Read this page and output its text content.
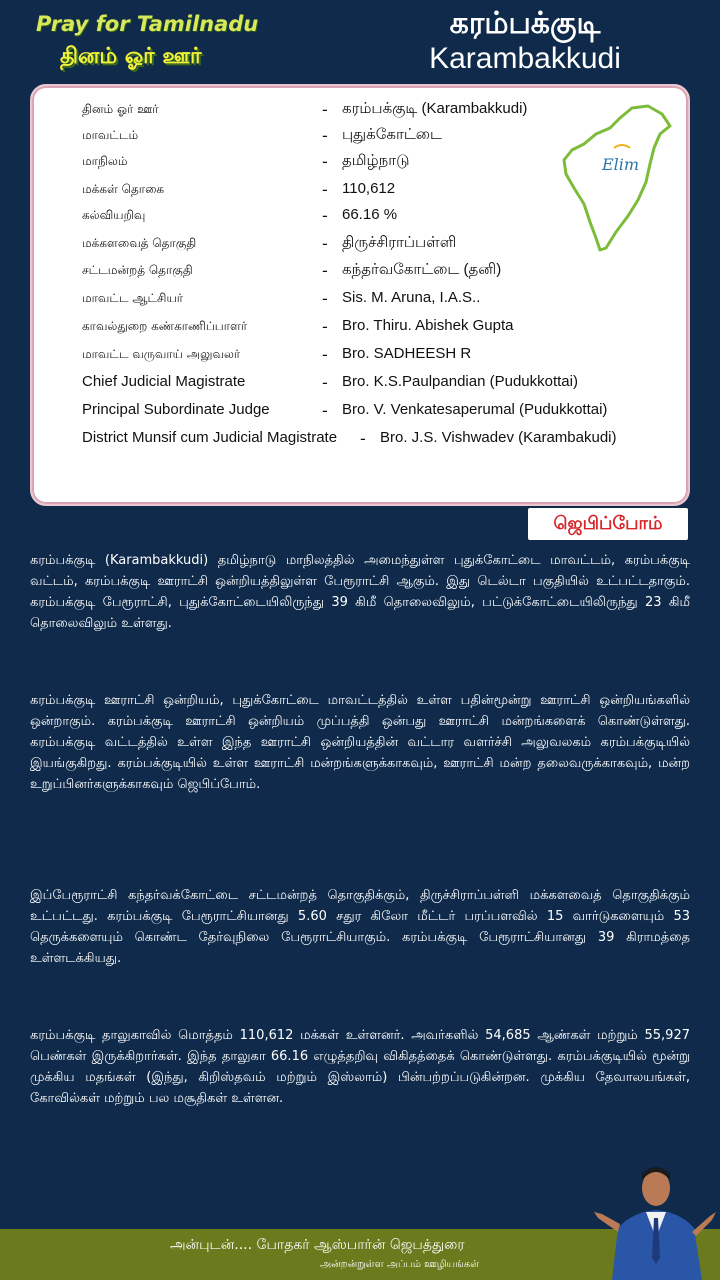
Pray for Tamilnadu
தினம் ஓர் ஊர்
கரம்பக்குடி
Karambakkudi
தினம் ஓர் ஊர்	- கரம்பக்குடி (Karambakkudi)
மாவட்டம்	- புதுக்கோட்டை
மாநிலம்	- தமிழ்நாடு
மக்கள் தொகை	- 110,612
கல்வியறிவு	- 66.16 %
மக்களவைத் தொகுதி	- திருச்சிராப்பள்ளி
சட்டமன்றத் தொகுதி	- கந்தர்வகோட்டை (தனி)
மாவட்ட ஆட்சியர்	- Sis. M. Aruna, I.A.S..
காவல்துறை கண்காணிப்பாளர்	- Bro. Thiru. Abishek Gupta
மாவட்ட வருவாய் அலுவலர்	- Bro. SADHEESH R
Chief Judicial Magistrate	- Bro. K.S.Paulpandian (Pudukkottai)
Principal Subordinate Judge	- Bro. V. Venkatesaperumal (Pudukkottai)
District Munsif cum Judicial Magistrate - Bro. J.S. Vishwadev (Karambakudi)
Elim
ஜெபிப்போம்

கரம்பக்குடி (Karambakkudi) தமிழ்நாடு மாநிலத்தில் அமைந்துள்ள புதுக்கோட்டை மாவட்டம், கரம்பக்குடி வட்டம், கரம்பக்குடி ஊராட்சி ஒன்றியத்திலுள்ள பேரூராட்சி ஆகும். இது டெல்டா பகுதியில் உட்பட்டதாகும். கரம்பக்குடி பேரூராட்சி, புதுக்கோட்டையிலிருந்து 39 கிமீ தொலைவிலும், பட்டுக்கோட்டையிலிருந்து 23 கிமீ தொலைவிலும் உள்ளது.

கரம்பக்குடி ஊராட்சி ஒன்றியம், புதுக்கோட்டை மாவட்டத்தில் உள்ள பதின்மூன்று ஊராட்சி ஒன்றியங்களில் ஒன்றாகும். கரம்பக்குடி ஊராட்சி ஒன்றியம் முப்பத்தி ஒன்பது ஊராட்சி மன்றங்களைக் கொண்டுள்ளது. கரம்பக்குடி வட்டத்தில் உள்ள இந்த ஊராட்சி ஒன்றியத்தின் வட்டார வளர்ச்சி அலுவலகம் கரம்பக்குடியில் இயங்குகிறது. கரம்பக்குடியில் உள்ள ஊராட்சி மன்றங்களுக்காகவும், ஊராட்சி மன்ற தலைவருக்காகவும், மன்ற உறுப்பினர்களுக்காகவும் ஜெபிப்போம்.

இப்பேரூராட்சி கந்தர்வக்கோட்டை சட்டமன்றத் தொகுதிக்கும், திருச்சிராப்பள்ளி மக்களவைத் தொகுதிக்கும் உட்பட்டது. கரம்பக்குடி பேரூராட்சியானது 5.60 சதுர கிலோ மீட்டர் பரப்பளவில் 15 வார்டுகளையும் 53 தெருக்களையும் கொண்ட தேர்வுநிலை பேரூராட்சியாகும். கரம்பக்குடி பேரூராட்சியானது 39 கிராமத்தை உள்ளடக்கியது.

கரம்பக்குடி தாலுகாவில் மொத்தம் 110,612 மக்கள் உள்ளனர். அவர்களில் 54,685 ஆண்கள் மற்றும் 55,927 பெண்கள் இருக்கிறார்கள். இந்த தாலுகா 66.16 எழுத்தறிவு விகிதத்தைக் கொண்டுள்ளது. கரம்பக்குடியில் மூன்று முக்கிய மதங்கள் (இந்து, கிறிஸ்தவம் மற்றும் இஸ்லாம்) பின்பற்றப்படுகின்றன. முக்கிய தேவாலயங்கள், கோவில்கள் மற்றும் பல மசூதிகள் உள்ளன.

அன்புடன்.... போதகர் ஆஸ்பார்ன் ஜெபத்துரை
அன்றன்றுள்ள அப்பம் ஊழியங்கள்
